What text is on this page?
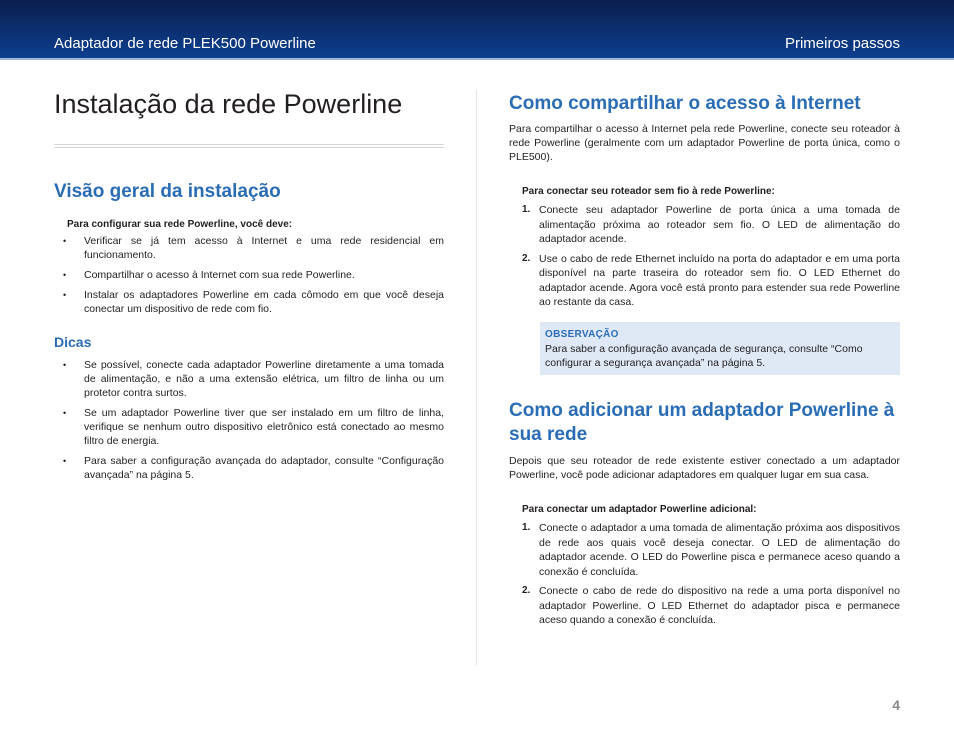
Adaptador de rede PLEK500 Powerline	Primeiros passos
Instalação da rede Powerline
Visão geral da instalação

Para configurar sua rede Powerline, você deve:

• Verificar se já tem acesso à Internet e uma rede residencial em funcionamento.
• Compartilhar o acesso à Internet com sua rede Powerline.
• Instalar os adaptadores Powerline em cada cômodo em que você deseja conectar um dispositivo de rede com fio.
Dicas
• Se possível, conecte cada adaptador Powerline diretamente a uma tomada de alimentação, e não a uma extensão elétrica, um filtro de linha ou um protetor contra surtos.
• Se um adaptador Powerline tiver que ser instalado em um filtro de linha, verifique se nenhum outro dispositivo eletrônico está conectado ao mesmo filtro de energia.
• Para saber a configuração avançada do adaptador, consulte “Configuração avançada” na página 5.
Como compartilhar o acesso à Internet

Para compartilhar o acesso à Internet pela rede Powerline, conecte seu roteador à rede Powerline (geralmente com um adaptador Powerline de porta única, como o PLE500).

Para conectar seu roteador sem fio à rede Powerline:

1. Conecte seu adaptador Powerline de porta única a uma tomada de alimentação próxima ao roteador sem fio. O LED de alimentação do adaptador acende.
2. Use o cabo de rede Ethernet incluído na porta do adaptador e em uma porta disponível na parte traseira do roteador sem fio. O LED Ethernet do adaptador acende. Agora você está pronto para estender sua rede Powerline ao restante da casa.
OBSERVAÇÃO
Para saber a configuração avançada de segurança, consulte “Como configurar a segurança avançada” na página 5.
Como adicionar um adaptador Powerline à sua rede

Depois que seu roteador de rede existente estiver conectado a um adaptador Powerline, você pode adicionar adaptadores em qualquer lugar em sua casa.

Para conectar um adaptador Powerline adicional:

1. Conecte o adaptador a uma tomada de alimentação próxima aos dispositivos de rede aos quais você deseja conectar. O LED de alimentação do adaptador acende. O LED do Powerline pisca e permanece aceso quando a conexão é concluída.
2. Conecte o cabo de rede do dispositivo na rede a uma porta disponível no adaptador Powerline. O LED Ethernet do adaptador pisca e permanece aceso quando a conexão é concluída.
4
